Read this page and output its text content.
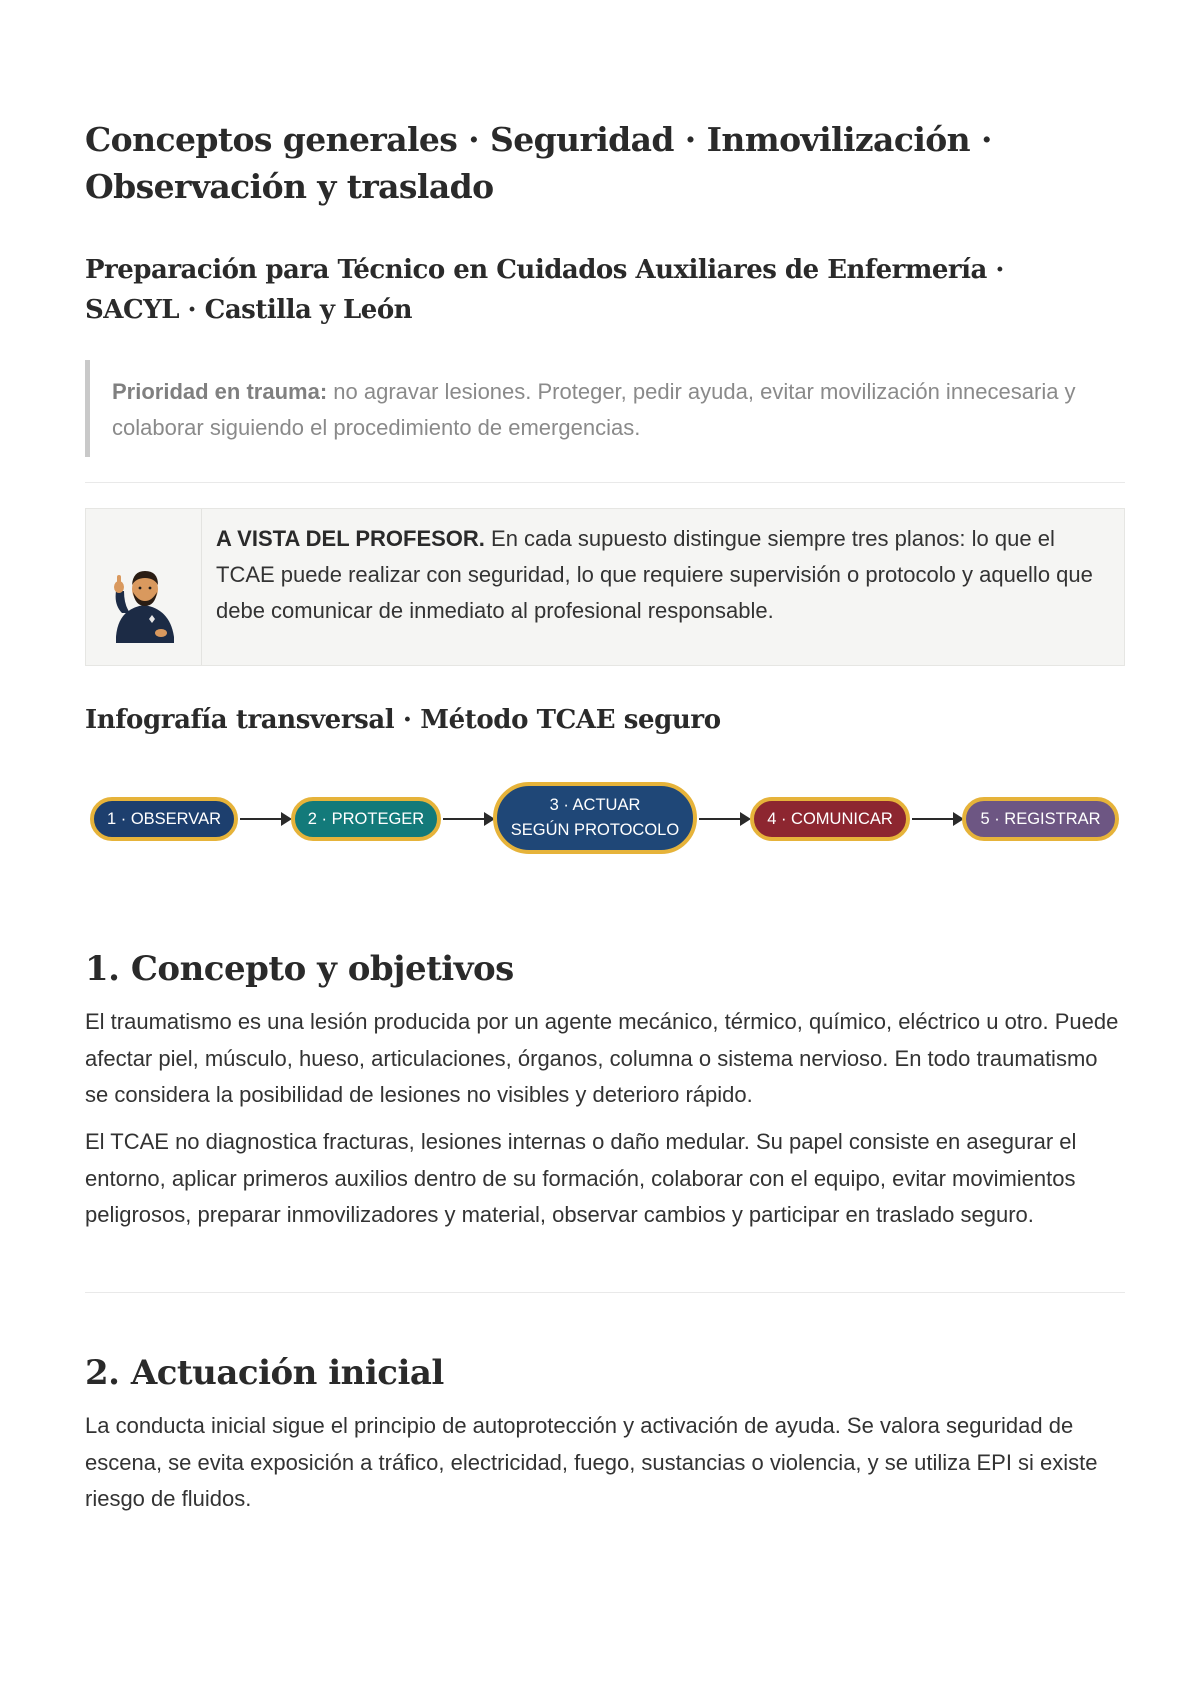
Conceptos generales · Seguridad · Inmovilización · Observación y traslado
Preparación para Técnico en Cuidados Auxiliares de Enfermería · SACYL · Castilla y León
Prioridad en trauma: no agravar lesiones. Proteger, pedir ayuda, evitar movilización innecesaria y colaborar siguiendo el procedimiento de emergencias.
A VISTA DEL PROFESOR. En cada supuesto distingue siempre tres planos: lo que el TCAE puede realizar con seguridad, lo que requiere supervisión o protocolo y aquello que debe comunicar de inmediato al profesional responsable.
Infografía transversal · Método TCAE seguro
1 · OBSERVAR	2 · PROTEGER
3 · ACTUAR
SEGÚN PROTOCOLO
4 · COMUNICAR	5 · REGISTRAR
1. Concepto y objetivos

El traumatismo es una lesión producida por un agente mecánico, térmico, químico, eléctrico u otro. Puede afectar piel, músculo, hueso, articulaciones, órganos, columna o sistema nervioso. En todo traumatismo se considera la posibilidad de lesiones no visibles y deterioro rápido.

El TCAE no diagnostica fracturas, lesiones internas o daño medular. Su papel consiste en asegurar el entorno, aplicar primeros auxilios dentro de su formación, colaborar con el equipo, evitar movimientos peligrosos, preparar inmovilizadores y material, observar cambios y participar en traslado seguro.

2. Actuación inicial

La conducta inicial sigue el principio de autoprotección y activación de ayuda. Se valora seguridad de escena, se evita exposición a tráfico, electricidad, fuego, sustancias o violencia, y se utiliza EPI si existe riesgo de fluidos.
